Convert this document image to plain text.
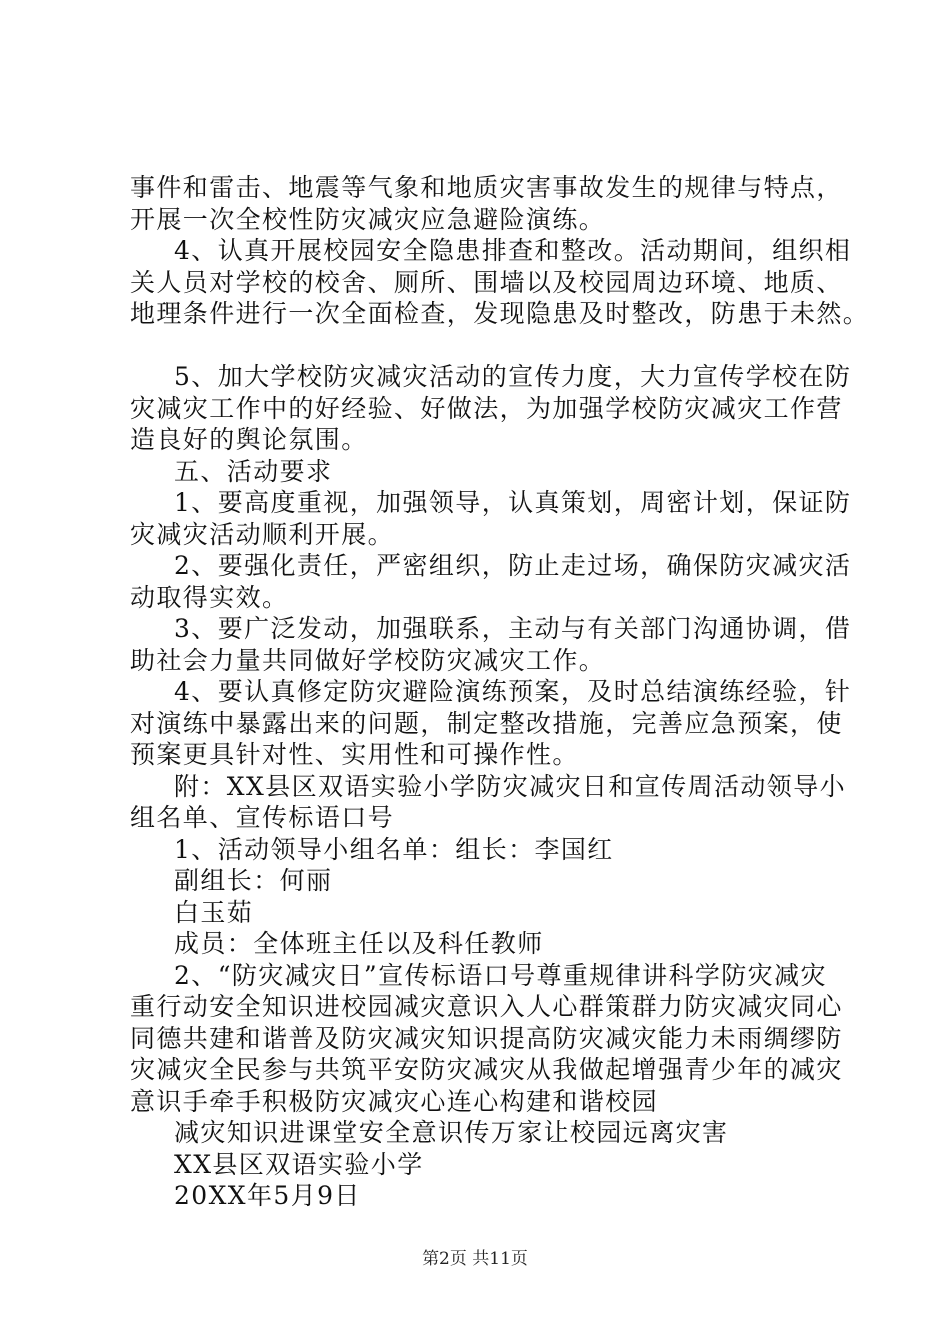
事件和雷击、地震等气象和地质灾害事故发生的规律与特点，
开展一次全校性防灾减灾应急避险演练。
4、认真开展校园安全隐患排查和整改。活动期间，组织相
关人员对学校的校舍、厕所、围墙以及校园周边环境、地质、
地理条件进行一次全面检查，发现隐患及时整改，防患于未然。
5、加大学校防灾减灾活动的宣传力度，大力宣传学校在防
灾减灾工作中的好经验、好做法，为加强学校防灾减灾工作营
造良好的舆论氛围。
五、活动要求
1、要高度重视，加强领导，认真策划，周密计划，保证防
灾减灾活动顺利开展。
2、要强化责任，严密组织，防止走过场，确保防灾减灾活
动取得实效。
3、要广泛发动，加强联系，主动与有关部门沟通协调，借
助社会力量共同做好学校防灾减灾工作。
4、要认真修定防灾避险演练预案，及时总结演练经验，针
对演练中暴露出来的问题，制定整改措施，完善应急预案，使
预案更具针对性、实用性和可操作性。
附：XX县区双语实验小学防灾减灾日和宣传周活动领导小
组名单、宣传标语口号
1、活动领导小组名单：组长：李国红
副组长：何丽
白玉茹
成员：全体班主任以及科任教师
2、“防灾减灾日”宣传标语口号尊重规律讲科学防灾减灾
重行动安全知识进校园减灾意识入人心群策群力防灾减灾同心
同德共建和谐普及防灾减灾知识提高防灾减灾能力未雨绸缪防
灾减灾全民参与共筑平安防灾减灾从我做起增强青少年的减灾
意识手牵手积极防灾减灾心连心构建和谐校园
减灾知识进课堂安全意识传万家让校园远离灾害
XX县区双语实验小学
20XX年5月9日
第2页 共11页
